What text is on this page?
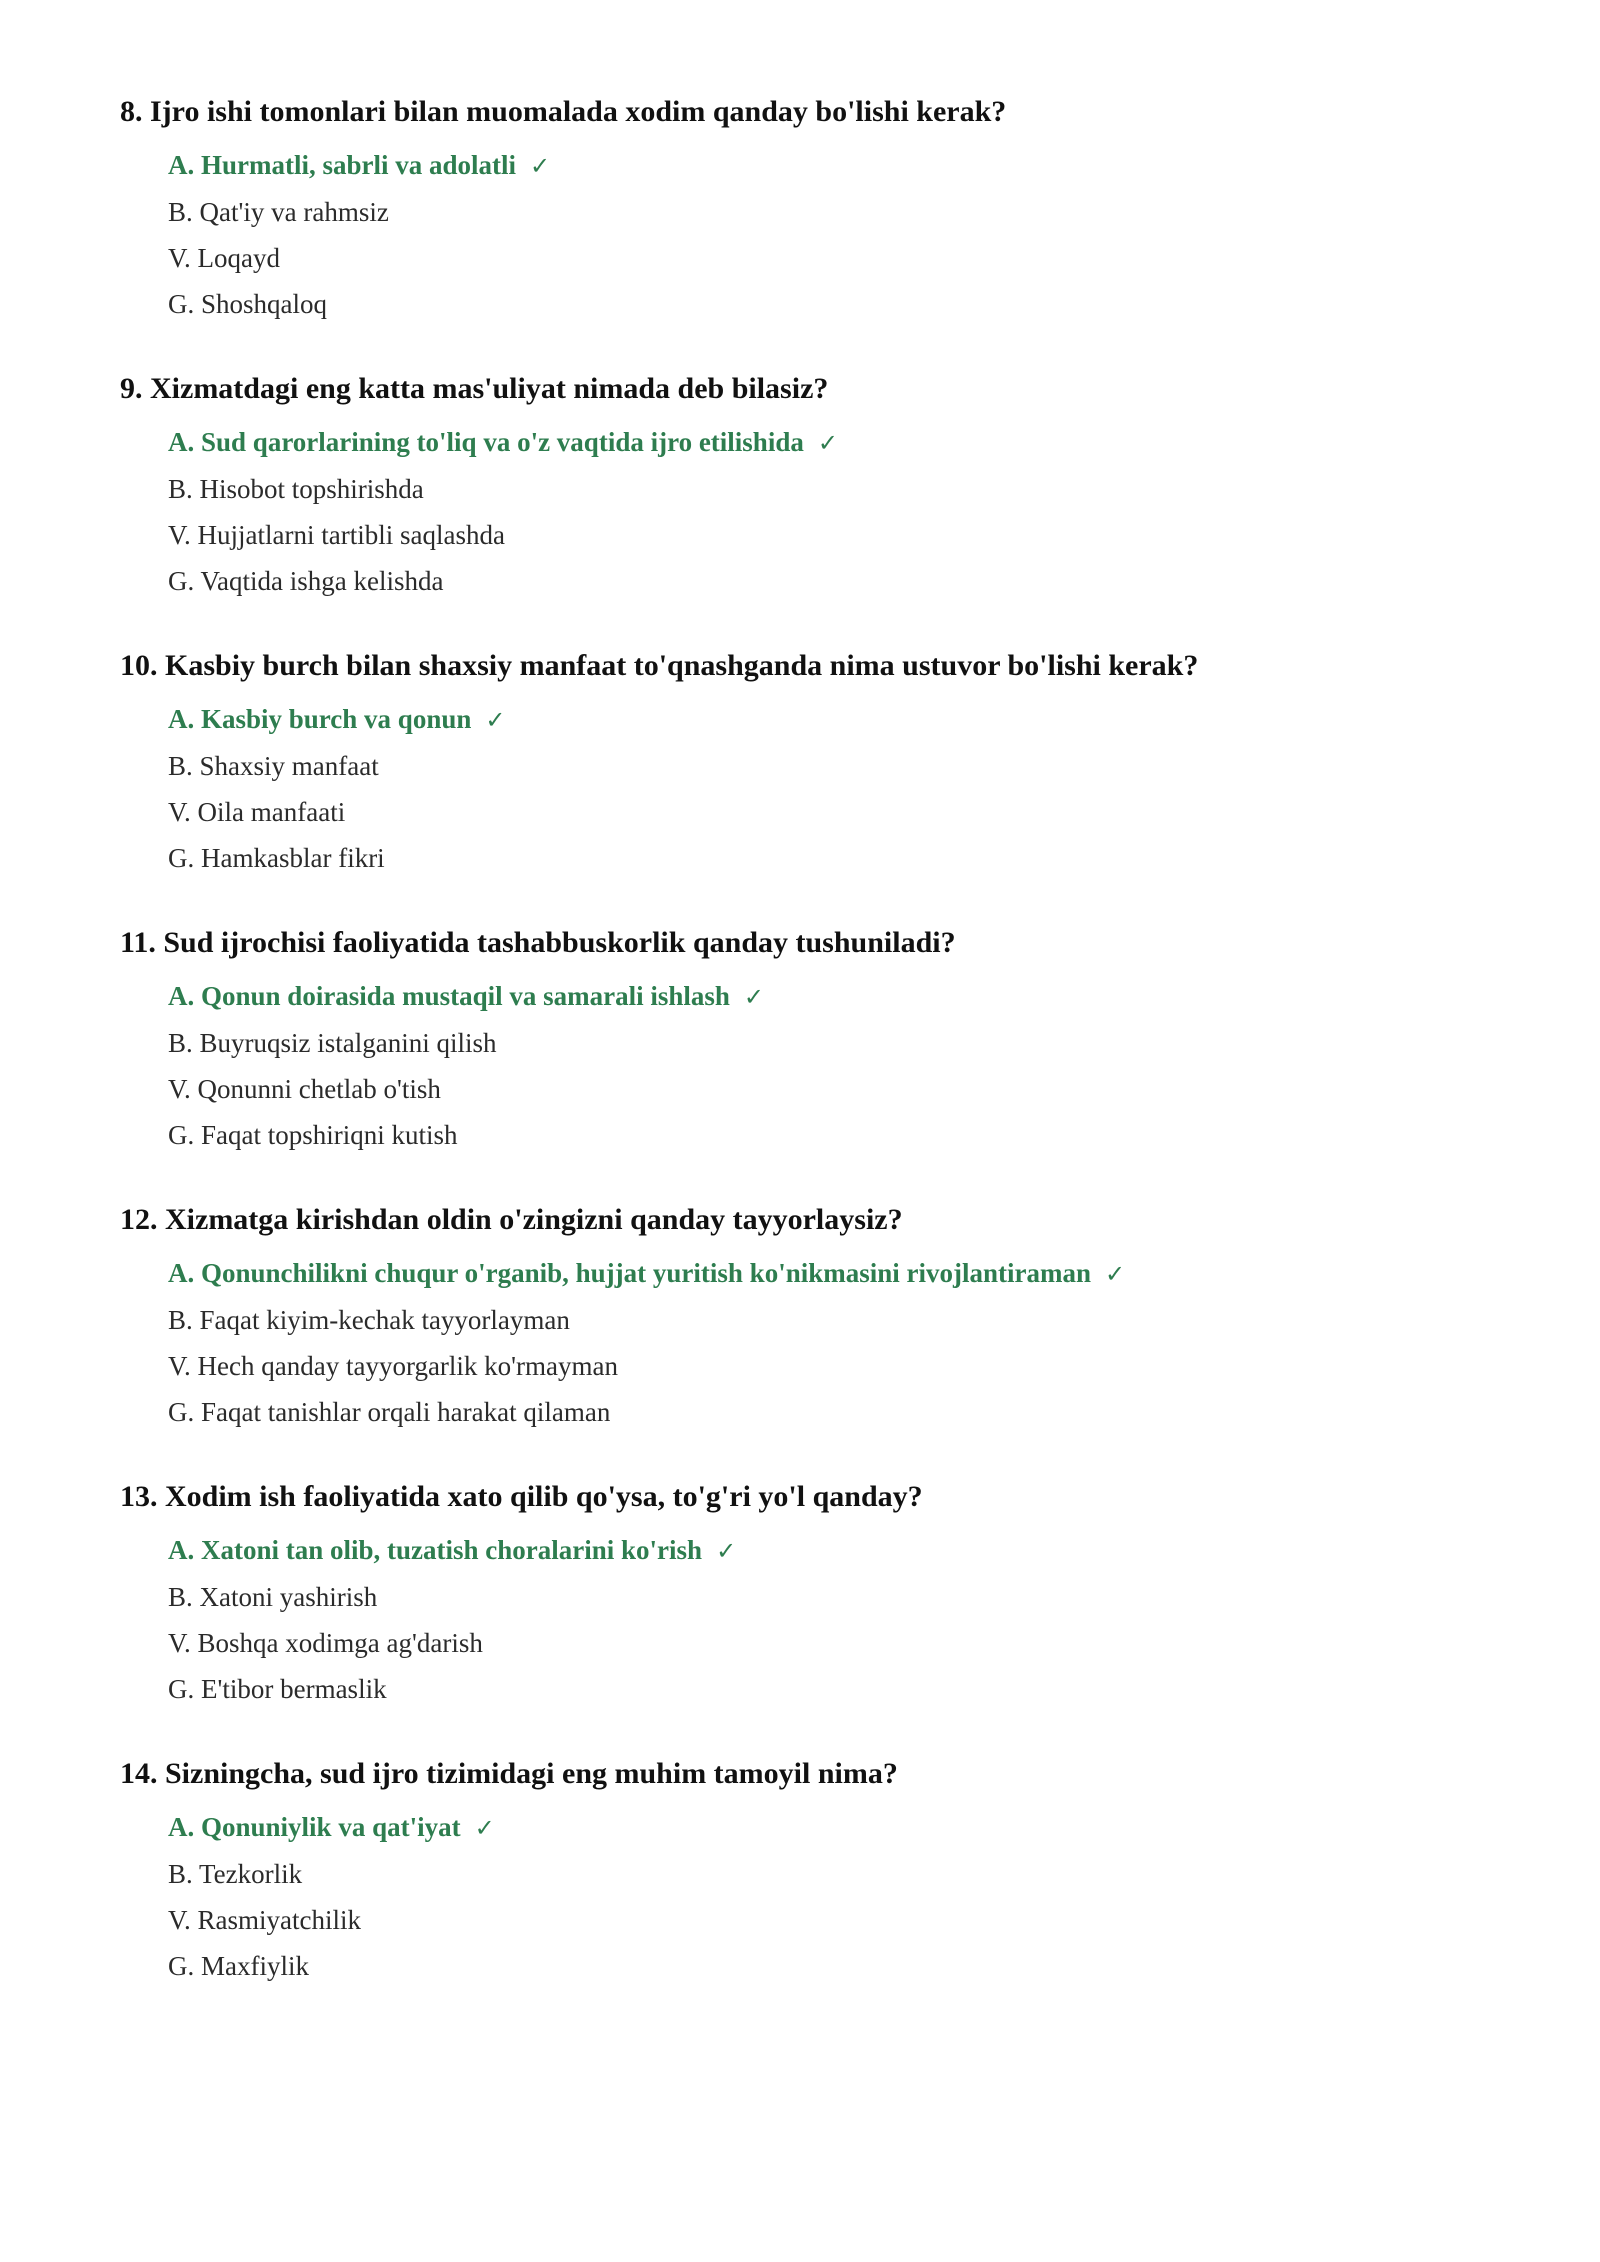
8. Ijro ishi tomonlari bilan muomalada xodim qanday bo'lishi kerak?
A. Hurmatli, sabrli va adolatli ✓
B. Qat'iy va rahmsiz
V. Loqayd
G. Shoshqaloq
9. Xizmatdagi eng katta mas'uliyat nimada deb bilasiz?
A. Sud qarorlarining to'liq va o'z vaqtida ijro etilishida ✓
B. Hisobot topshirishda
V. Hujjatlarni tartibli saqlashda
G. Vaqtida ishga kelishda
10. Kasbiy burch bilan shaxsiy manfaat to'qnashganda nima ustuvor bo'lishi kerak?
A. Kasbiy burch va qonun ✓
B. Shaxsiy manfaat
V. Oila manfaati
G. Hamkasblar fikri
11. Sud ijrochisi faoliyatida tashabbuskorlik qanday tushuniladi?
A. Qonun doirasida mustaqil va samarali ishlash ✓
B. Buyruqsiz istalganini qilish
V. Qonunni chetlab o'tish
G. Faqat topshiriqni kutish
12. Xizmatga kirishdan oldin o'zingizni qanday tayyorlaysiz?
A. Qonunchilikni chuqur o'rganib, hujjat yuritish ko'nikmasini rivojlantiraman ✓
B. Faqat kiyim-kechak tayyorlayman
V. Hech qanday tayyorgarlik ko'rmayman
G. Faqat tanishlar orqali harakat qilaman
13. Xodim ish faoliyatida xato qilib qo'ysa, to'g'ri yo'l qanday?
A. Xatoni tan olib, tuzatish choralarini ko'rish ✓
B. Xatoni yashirish
V. Boshqa xodimga ag'darish
G. E'tibor bermaslik
14. Sizningcha, sud ijro tizimidagi eng muhim tamoyil nima?
A. Qonuniylik va qat'iyat ✓
B. Tezkorlik
V. Rasmiyatchilik
G. Maxfiylik
